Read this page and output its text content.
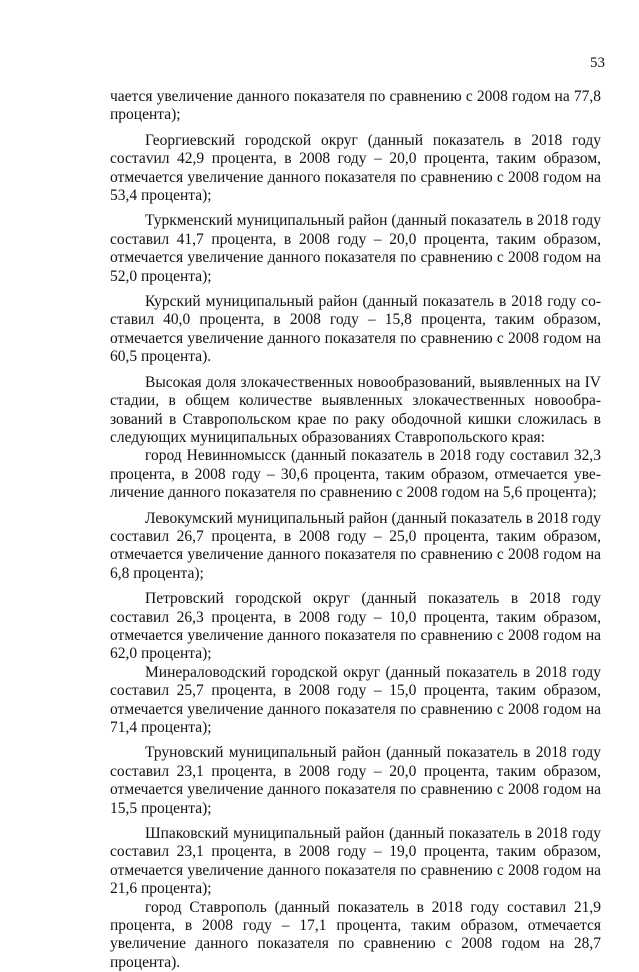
53

чается увеличение данного показателя по сравнению с 2008 годом на 77,8 процента);

Георгиевский городской округ (данный показатель в 2018 году состаvил 42,9 процента, в 2008 году – 20,0 процента, таким образом, отмечается увеличение данного показателя по сравнению с 2008 годом на 53,4 процента);

Туркменский муниципальный район (данный показатель в 2018 году составил 41,7 процента, в 2008 году – 20,0 процента, таким образом, отмечается увеличение данного показателя по сравнению с 2008 годом на 52,0 процента);

Курский муниципальный район (данный показатель в 2018 году составил 40,0 процента, в 2008 году – 15,8 процента, таким образом, отмечается увеличение данного показателя по сравнению с 2008 годом на 60,5 процента).

Высокая доля злокачественных новообразований, выявленных на IV стадии, в общем количестве выявленных злокачественных новообразований в Ставропольском крае по раку ободочной кишки сложилась в следующих муниципальных образованиях Ставропольского края:

город Невинномысск (данный показатель в 2018 году составил 32,3 процента, в 2008 году – 30,6 процента, таким образом, отмечается увеличение данного показателя по сравнению с 2008 годом на 5,6 процента);

Левокумский муниципальный район (данный показатель в 2018 году составил 26,7 процента, в 2008 году – 25,0 процента, таким образом, отмечается увеличение данного показателя по сравнению с 2008 годом на 6,8 процента);

Петровский городской округ (данный показатель в 2018 году составил 26,3 процента, в 2008 году – 10,0 процента, таким образом, отмечается увеличение данного показателя по сравнению с 2008 годом на 62,0 процента);

Минераловодский городской округ (данный показатель в 2018 году составил 25,7 процента, в 2008 году – 15,0 процента, таким образом, отмечается увеличение данного показателя по сравнению с 2008 годом на 71,4 процента);

Труновский муниципальный район (данный показатель в 2018 году составил 23,1 процента, в 2008 году – 20,0 процента, таким образом, отмечается увеличение данного показателя по сравнению с 2008 годом на 15,5 процента);

Шпаковский муниципальный район (данный показатель в 2018 году составил 23,1 процента, в 2008 году – 19,0 процента, таким образом, отмечается увеличение данного показателя по сравнению с 2008 годом на 21,6 процента);

город Ставрополь (данный показатель в 2018 году составил 21,9 процента, в 2008 году – 17,1 процента, таким образом, отмечается увеличение данного показателя по сравнению с 2008 годом на 28,7 процента).
